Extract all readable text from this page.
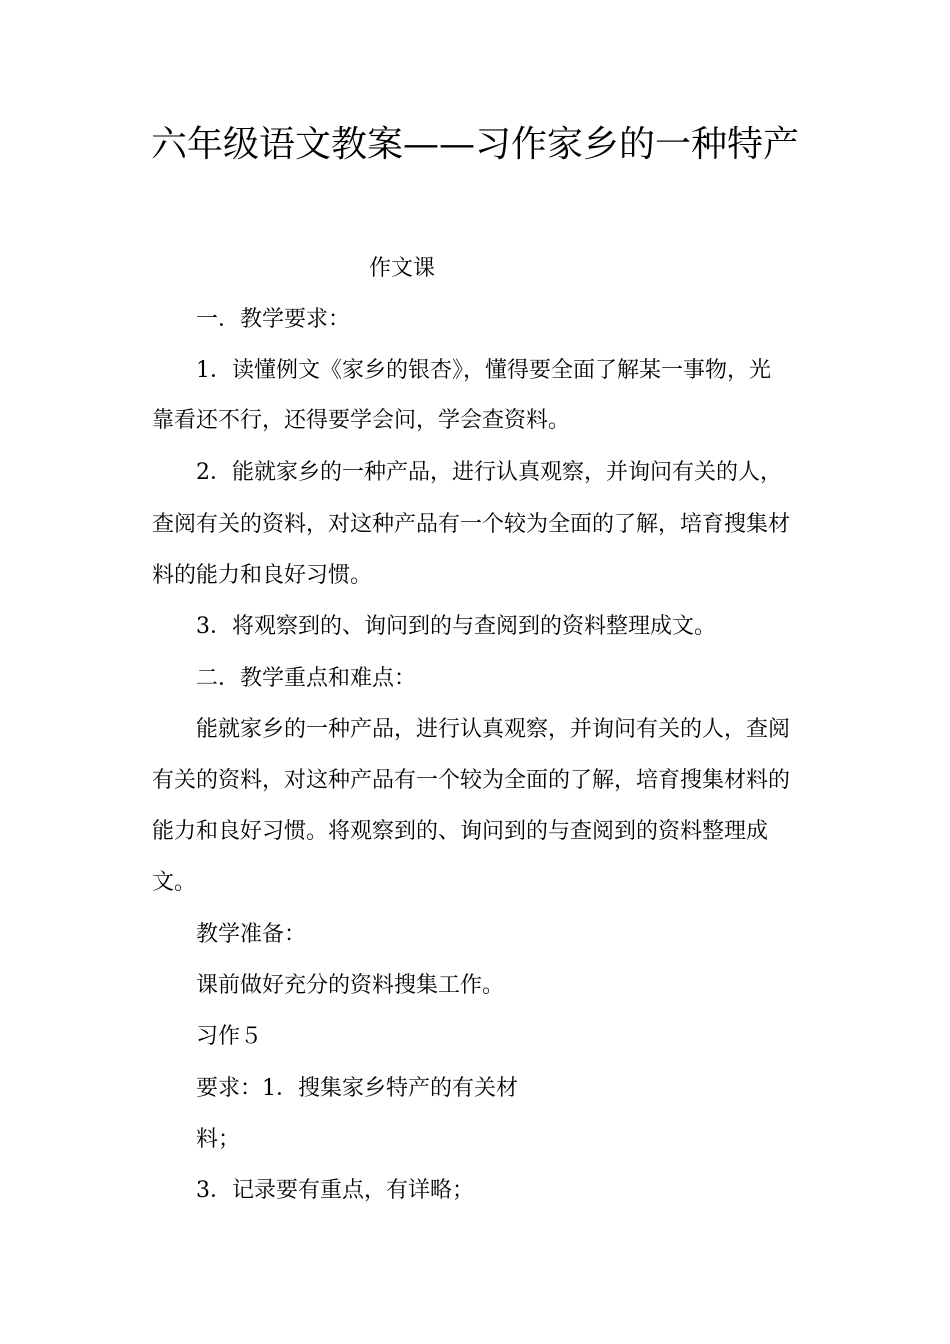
六年级语文教案——习作家乡的一种特产
作文课
一．教学要求：
1．读懂例文《家乡的银杏》，懂得要全面了解某一事物，光
靠看还不行，还得要学会问，学会查资料。
2．能就家乡的一种产品，进行认真观察，并询问有关的人，
查阅有关的资料，对这种产品有一个较为全面的了解，培育搜集材
料的能力和良好习惯。
3．将观察到的、询问到的与查阅到的资料整理成文。
二．教学重点和难点：
能就家乡的一种产品，进行认真观察，并询问有关的人，查阅
有关的资料，对这种产品有一个较为全面的了解，培育搜集材料的
能力和良好习惯。将观察到的、询问到的与查阅到的资料整理成
文。
教学准备：
课前做好充分的资料搜集工作。
习作５
要求：1．搜集家乡特产的有关材
料；
3．记录要有重点，有详略；
